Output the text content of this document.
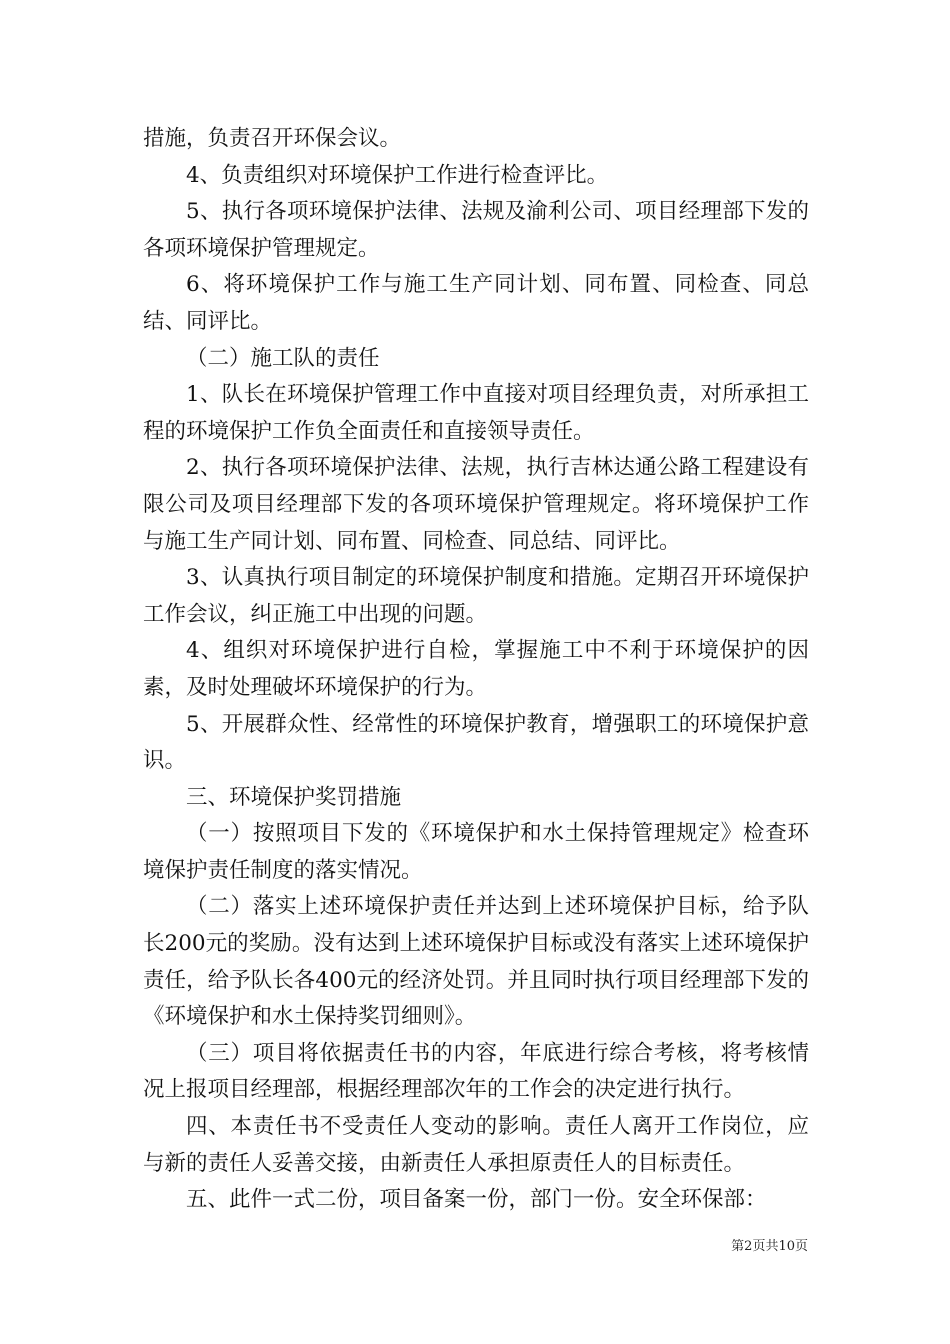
措施，负责召开环保会议。

4、负责组织对环境保护工作进行检查评比。

5、执行各项环境保护法律、法规及渝利公司、项目经理部下发的各项环境保护管理规定。

6、将环境保护工作与施工生产同计划、同布置、同检查、同总结、同评比。

（二）施工队的责任

1、队长在环境保护管理工作中直接对项目经理负责，对所承担工程的环境保护工作负全面责任和直接领导责任。

2、执行各项环境保护法律、法规，执行吉林达通公路工程建设有限公司及项目经理部下发的各项环境保护管理规定。将环境保护工作与施工生产同计划、同布置、同检查、同总结、同评比。

3、认真执行项目制定的环境保护制度和措施。定期召开环境保护工作会议，纠正施工中出现的问题。

4、组织对环境保护进行自检，掌握施工中不利于环境保护的因素，及时处理破坏环境保护的行为。

5、开展群众性、经常性的环境保护教育，增强职工的环境保护意识。

三、环境保护奖罚措施

（一）按照项目下发的《环境保护和水土保持管理规定》检查环境保护责任制度的落实情况。

（二）落实上述环境保护责任并达到上述环境保护目标，给予队长200元的奖励。没有达到上述环境保护目标或没有落实上述环境保护责任，给予队长各400元的经济处罚。并且同时执行项目经理部下发的《环境保护和水土保持奖罚细则》。

（三）项目将依据责任书的内容，年底进行综合考核，将考核情况上报项目经理部，根据经理部次年的工作会的决定进行执行。

四、本责任书不受责任人变动的影响。责任人离开工作岗位，应与新的责任人妥善交接，由新责任人承担原责任人的目标责任。

五、此件一式二份，项目备案一份，部门一份。安全环保部：

第2页共10页
